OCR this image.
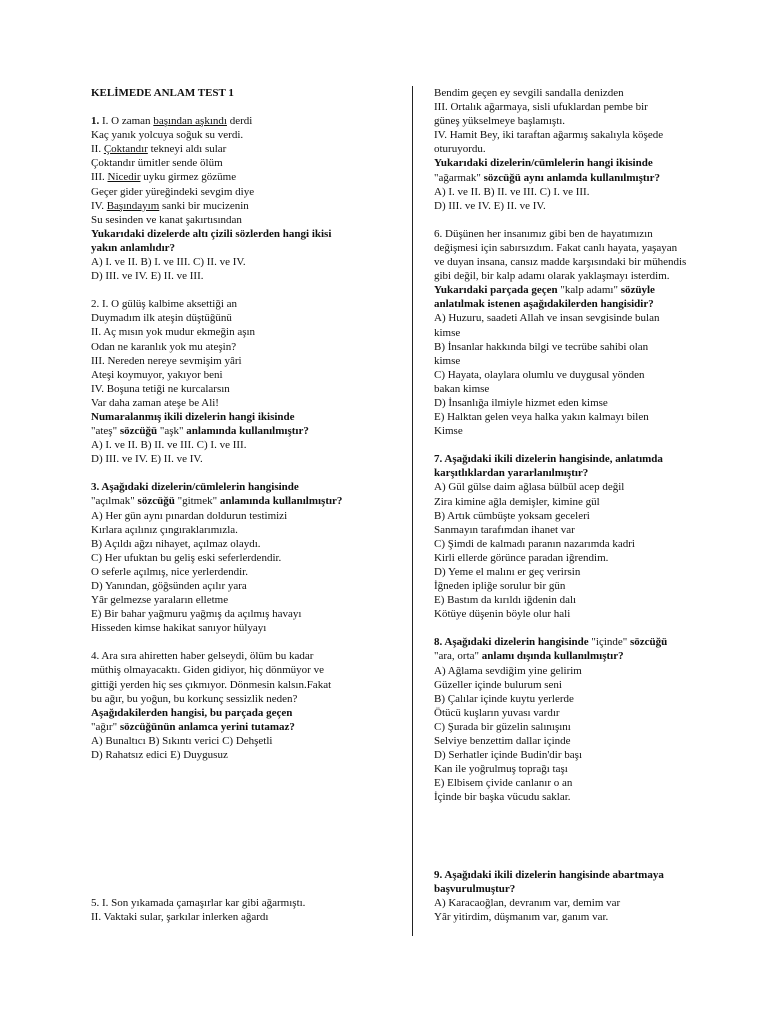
KELİMEDE ANLAM TEST 1
1. I. O zaman başından aşkındı derdi
Kaç yanık yolcuya soğuk su verdi.
II. Çoktandır tekneyi aldı sular
Çoktandır ümitler sende ölüm
III. Nicedir uyku girmez gözüme
Geçer gider yüreğindeki sevgim diye
IV. Başındayım sanki bir mucizenin
Su sesinden ve kanat şakırtısından
Yukarıdaki dizelerde altı çizili sözlerden hangi ikisi
yakın anlamlıdır?
A) I. ve II. B) I. ve III. C) II. ve IV.
D) III. ve IV. E) II. ve III.
2. I. O gülüş kalbime aksettiği an
Duymadım ilk ateşin düştüğünü
II. Aç mısın yok mudur ekmeğin aşın
Odan ne karanlık yok mu ateşin?
III. Nereden nereye sevmişim yâri
Ateşi koymuyor, yakıyor beni
IV. Boşuna tetiği ne kurcalarsın
Var daha zaman ateşe be Ali!
Numaralanmış ikili dizelerin hangi ikisinde
"ateş" sözcüğü "aşk" anlamında kullanılmıştır?
A) I. ve II. B) II. ve III. C) I. ve III.
D) III. ve IV. E) II. ve IV.
3. Aşağıdaki dizelerin/cümlelerin hangisinde
"açılmak" sözcüğü "gitmek" anlamında kullanılmıştır?
A) Her gün aynı pınardan doldurun testimizi
Kırlara açılınız çıngıraklarımızla.
B) Açıldı ağzı nihayet, açılmaz olaydı.
C) Her ufuktan bu geliş eski seferlerdendir.
O seferle açılmış, nice yerlerdendir.
D) Yanından, göğsünden açılır yara
Yâr gelmezse yaraların elletme
E) Bir bahar yağmuru yağmış da açılmış havayı
Hisseden kimse hakikat sanıyor hülyayı
4. Ara sıra ahiretten haber gelseydi, ölüm bu kadar
müthiş olmayacaktı. Giden gidiyor, hiç dönmüyor ve
gittiği yerden hiç ses çıkmıyor. Dönmesin kalsın.Fakat
bu ağır, bu yoğun, bu korkunç sessizlik neden?
Aşağıdakilerden hangisi, bu parçada geçen
"ağır" sözcüğünün anlamca yerini tutamaz?
A) Bunaltıcı B) Sıkıntı verici C) Dehşetli
D) Rahatsız edici E) Duygusuz
5. I. Son yıkamada çamaşırlar kar gibi ağarmıştı.
II. Vaktaki sular, şarkılar inlerken ağardı
Bendim geçen ey sevgili sandalla denizden
III. Ortalık ağarmaya, sisli ufuklardan pembe bir
güneş yükselmeye başlamıştı.
IV. Hamit Bey, iki taraftan ağarmış sakalıyla köşede
oturuyordu.
Yukarıdaki dizelerin/cümlelerin hangi ikisinde
"ağarmak" sözcüğü aynı anlamda kullanılmıştır?
A) I. ve II. B) II. ve III. C) I. ve III.
D) III. ve IV. E) II. ve IV.
6. Düşünen her insanımız gibi ben de hayatımızın
değişmesi için sabırsızdım. Fakat canlı hayata, yaşayan
ve duyan insana, cansız madde karşısındaki bir mühendis
gibi değil, bir kalp adamı olarak yaklaşmayı isterdim.
Yukarıdaki parçada geçen "kalp adamı" sözüyle
anlatılmak istenen aşağıdakilerden hangisidir?
A) Huzuru, saadeti Allah ve insan sevgisinde bulan
kimse
B) İnsanlar hakkında bilgi ve tecrübe sahibi olan
kimse
C) Hayata, olaylara olumlu ve duygusal yönden
bakan kimse
D) İnsanlığa ilmiyle hizmet eden kimse
E) Halktan gelen veya halka yakın kalmayı bilen
Kimse
7. Aşağıdaki ikili dizelerin hangisinde, anlatımda
karşıtlıklardan yararlanılmıştır?
A) Gül gülse daim ağlasa bülbül acep değil
Zira kimine ağla demişler, kimine gül
B) Artık cümbüşte yoksam geceleri
Sanmayın tarafımdan ihanet var
C) Şimdi de kalmadı paranın nazarımda kadri
Kirli ellerde görünce paradan iğrendim.
D) Yeme el malını er geç verirsin
İğneden ipliğe sorulur bir gün
E) Bastım da kırıldı iğdenin dalı
Kötüye düşenin böyle olur hali
8. Aşağıdaki dizelerin hangisinde "içinde" sözcüğü
"ara, orta" anlamı dışında kullanılmıştır?
A) Ağlama sevdiğim yine gelirim
Güzeller içinde bulurum seni
B) Çalılar içinde kuytu yerlerde
Ötücü kuşların yuvası vardır
C) Şurada bir güzelin salınışını
Selviye benzettim dallar içinde
D) Serhatler içinde Budin'dir başı
Kan ile yoğrulmuş toprağı taşı
E) Elbisem çivide canlanır o an
İçinde bir başka vücudu saklar.
9. Aşağıdaki ikili dizelerin hangisinde abartmaya
başvurulmuştur?
A) Karacaoğlan, devranım var, demim var
Yâr yitirdim, düşmanım var, ganım var.
